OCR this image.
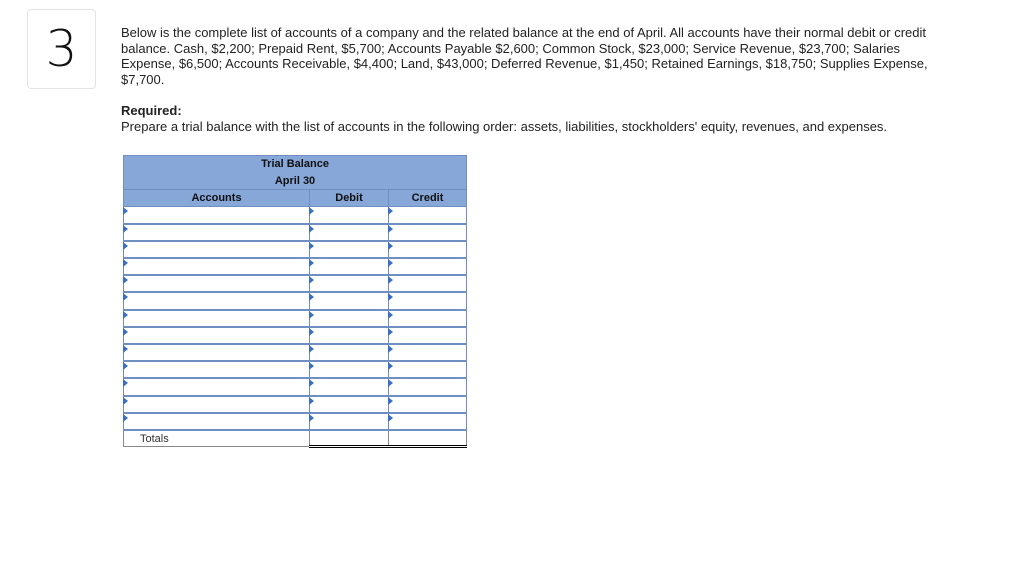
3	Below is the complete list of accounts of a company and the related balance at the end of April. All accounts have their normal debit or credit balance. Cash, $2,200; Prepaid Rent, $5,700; Accounts Payable $2,600; Common Stock, $23,000; Service Revenue, $23,700; Salaries Expense, $6,500; Accounts Receivable, $4,400; Land, $43,000; Deferred Revenue, $1,450; Retained Earnings, $18,750; Supplies Expense, $7,700.
Required:
Prepare a trial balance with the list of accounts in the following order: assets, liabilities, stockholders' equity, revenues, and expenses.
Trial Balance		
April 30		
Accounts	Debit	Credit

Totals		
